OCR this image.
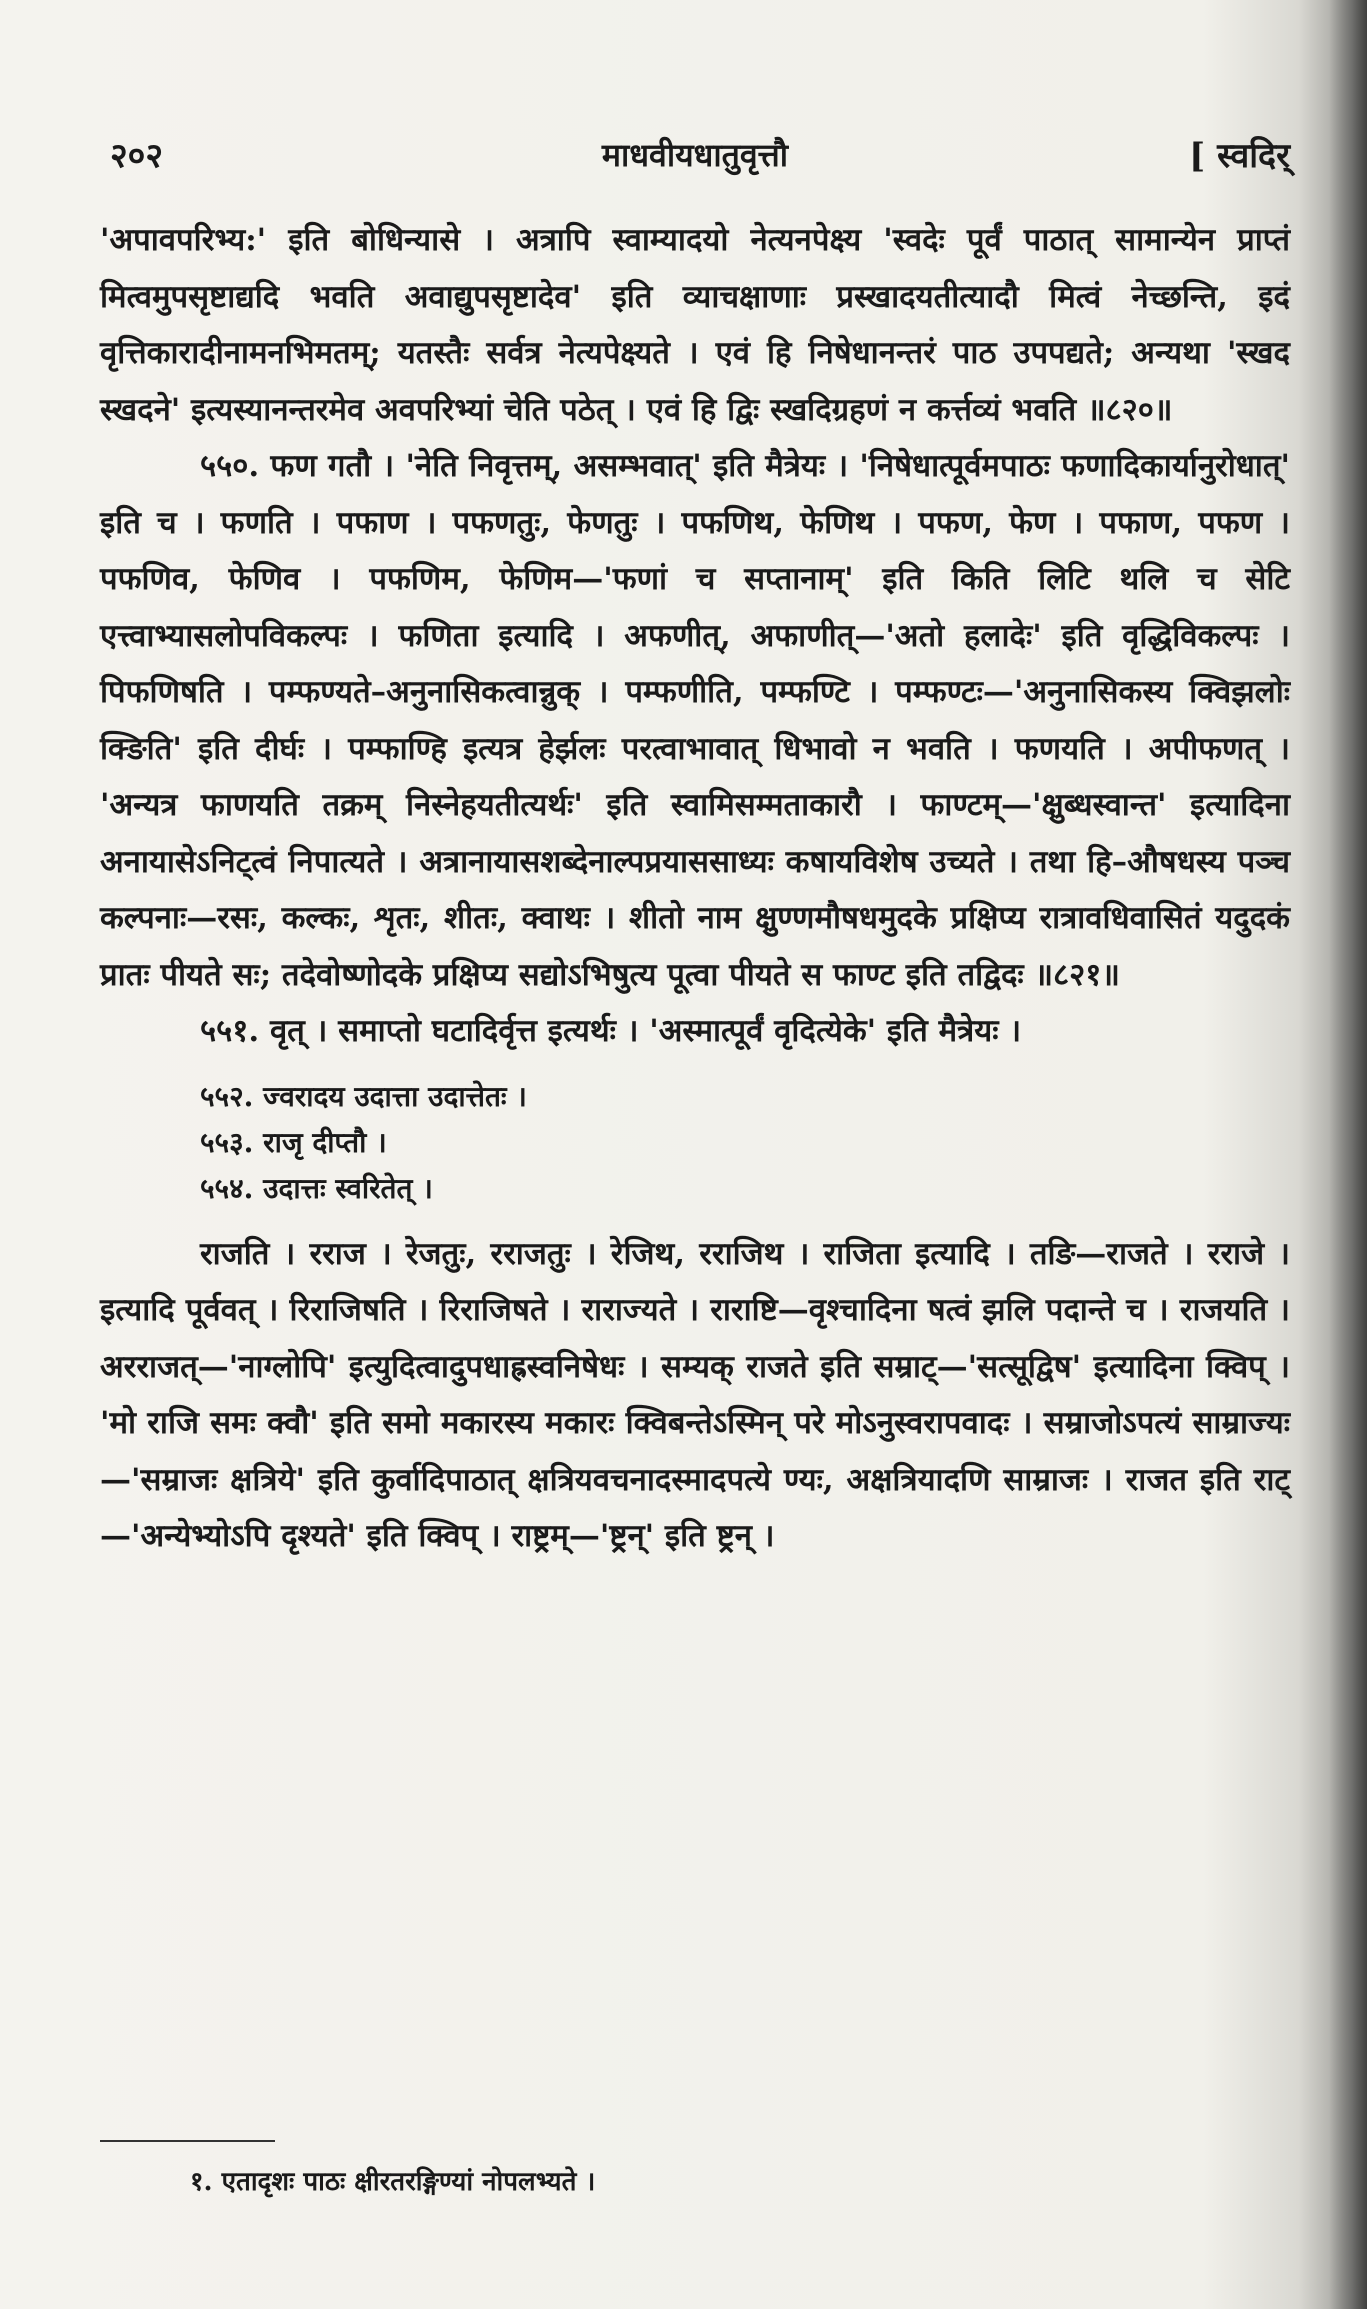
२०२	माधवीयधातुवृत्तौ	[ स्वदिर्

'अपावपरिभ्य:' इति बोधिन्यासे । अत्रापि स्वाम्यादयो नेत्यनपेक्ष्य 'स्वदेः पूर्वं पाठात् सामान्येन प्राप्तं मित्वमुपसृष्टाद्यदि भवति अवाद्युपसृष्टादेव' इति व्याचक्षाणाः प्रस्खादयतीत्यादौ मित्वं नेच्छन्ति, इदं वृत्तिकारादीनामनभिमतम्; यतस्तैः सर्वत्र नेत्यपेक्ष्यते । एवं हि निषेधानन्तरं पाठ उपपद्यते; अन्यथा 'स्खद स्खदने' इत्यस्यानन्तरमेव अवपरिभ्यां चेति पठेत् । एवं हि द्विः स्खदिग्रहणं न कर्त्तव्यं भवति ॥८२०॥

५५०. फण गतौ । 'नेति निवृत्तम्, असम्भवात्' इति मैत्रेयः । 'निषेधात्पूर्वमपाठः फणादिकार्यानुरोधात्' इति च । फणति । पफाण । पफणतुः, फेणतुः । पफणिथ, फेणिथ । पफण, फेण । पफाण, पफण । पफणिव, फेणिव । पफणिम, फेणिम—'फणां च सप्तानाम्' इति किति लिटि थलि च सेटि एत्त्वाभ्यासलोपविकल्पः । फणिता इत्यादि । अफणीत्, अफाणीत्—'अतो हलादेः' इति वृद्धिविकल्पः । पिफणिषति । पम्फण्यते–अनुनासिकत्वान्नुक् । पम्फणीति, पम्फण्टि । पम्फण्टः—'अनुनासिकस्य क्विझलोः क्ङिति' इति दीर्घः । पम्फाण्हि इत्यत्र हेर्झलः परत्वाभावात् धिभावो न भवति । फणयति । अपीफणत् । 'अन्यत्र फाणयति तक्रम् निस्नेहयतीत्यर्थः' इति स्वामिसम्मताकारौ । फाण्टम्—'क्षुब्धस्वान्त' इत्यादिना अनायासेऽनिट्त्वं निपात्यते । अत्रानायासशब्देनाल्पप्रयाससाध्यः कषायविशेष उच्यते । तथा हि–औषधस्य पञ्च कल्पनाः—रसः, कल्कः, शृतः, शीतः, क्वाथः । शीतो नाम क्षुण्णमौषधमुदके प्रक्षिप्य रात्रावधिवासितं यदुदकं प्रातः पीयते सः; तदेवोष्णोदके प्रक्षिप्य सद्योऽभिषुत्य पूत्वा पीयते स फाण्ट इति तद्विदः ॥८२१॥

५५१. वृत् । समाप्तो घटादिर्वृत्त इत्यर्थः । 'अस्मात्पूर्वं वृदित्येके' इति मैत्रेयः ।

५५२. ज्वरादय उदात्ता उदात्तेतः ।
५५३. राजृ दीप्तौ ।
५५४. उदात्तः स्वरितेत् ।

राजति । रराज । रेजतुः, रराजतुः । रेजिथ, रराजिथ । राजिता इत्यादि । तङि—राजते । रराजे । इत्यादि पूर्ववत् । रिराजिषति । रिराजिषते । राराज्यते । राराष्टि—वृश्चादिना षत्वं झलि पदान्ते च । राजयति । अरराजत्—'नाग्लोपि' इत्युदित्वादुपधाह्रस्वनिषेधः । सम्यक् राजते इति सम्राट्—'सत्सूद्विष' इत्यादिना क्विप् । 'मो राजि समः क्वौ' इति समो मकारस्य मकारः क्विबन्तेऽस्मिन् परे मोऽनुस्वरापवादः । सम्राजोऽपत्यं साम्राज्यः—'सम्राजः क्षत्रिये' इति कुर्वादिपाठात् क्षत्रियवचनादस्मादपत्ये ण्यः, अक्षत्रियादणि साम्राजः । राजत इति राट्—'अन्येभ्योऽपि दृश्यते' इति क्विप् । राष्ट्रम्—'ष्ट्रन्' इति ष्ट्रन् ।

१. एतादृशः पाठः क्षीरतरङ्गिण्यां नोपलभ्यते ।
